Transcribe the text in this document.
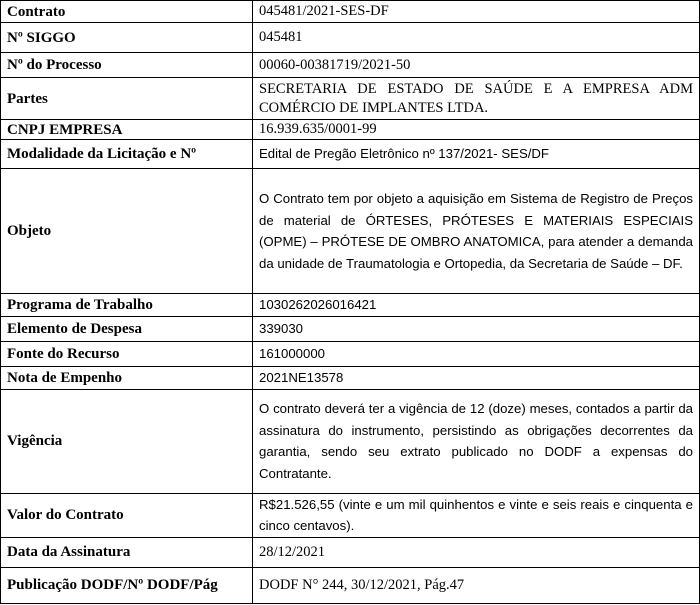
Contrato	045481/2021-SES-DF
Nº SIGGO	045481
Nº do Processo	00060-00381719/2021-50
Partes	SECRETARIA DE ESTADO DE SAÚDE E A EMPRESA ADM COMÉRCIO DE IMPLANTES LTDA.
CNPJ EMPRESA	16.939.635/0001-99
Modalidade da Licitação e Nº	Edital de Pregão Eletrônico nº 137/2021- SES/DF
Objeto	O Contrato tem por objeto a aquisição em Sistema de Registro de Preços de material de ÓRTESES, PRÓTESES E MATERIAIS ESPECIAIS (OPME) – PRÓTESE DE OMBRO ANATOMICA, para atender a demanda da unidade de Traumatologia e Ortopedia, da Secretaria de Saúde – DF.
Programa de Trabalho	1030262026016421
Elemento de Despesa	339030
Fonte do Recurso	161000000
Nota de Empenho	2021NE13578
Vigência	O contrato deverá ter a vigência de 12 (doze) meses, contados a partir da assinatura do instrumento, persistindo as obrigações decorrentes da garantia, sendo seu extrato publicado no DODF a expensas do Contratante.
Valor do Contrato	R$21.526,55 (vinte e um mil quinhentos e vinte e seis reais e cinquenta e cinco centavos).
Data da Assinatura	28/12/2021
Publicação DODF/Nº DODF/Pág	DODF N° 244, 30/12/2021, Pág.47
